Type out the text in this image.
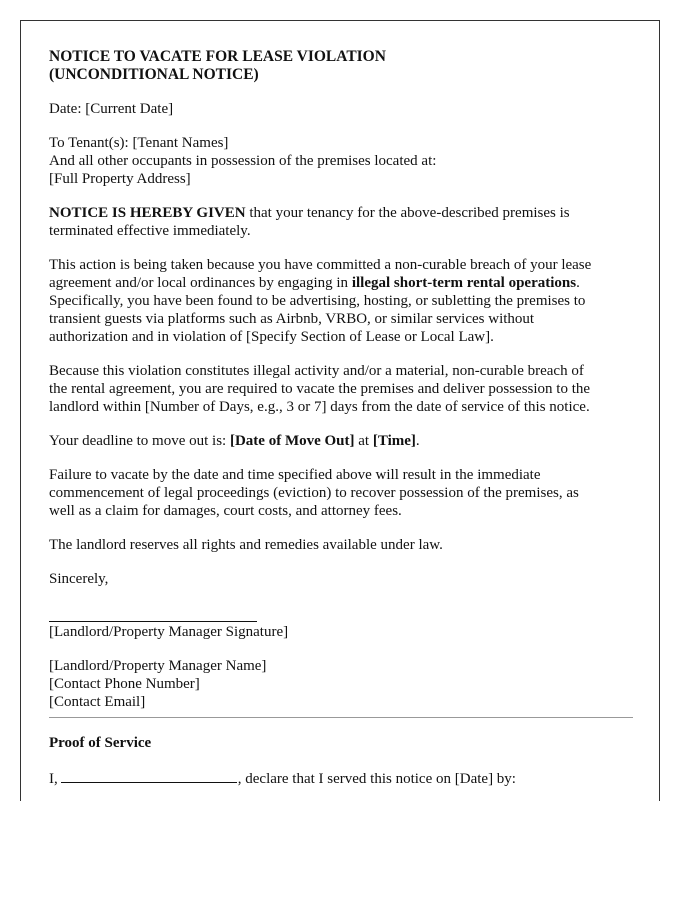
NOTICE TO VACATE FOR LEASE VIOLATION
(UNCONDITIONAL NOTICE)
Date: [Current Date]
To Tenant(s): [Tenant Names]
And all other occupants in possession of the premises located at:
[Full Property Address]
NOTICE IS HEREBY GIVEN that your tenancy for the above-described premises is
terminated effective immediately.
This action is being taken because you have committed a non-curable breach of your lease
agreement and/or local ordinances by engaging in illegal short-term rental operations.
Specifically, you have been found to be advertising, hosting, or subletting the premises to
transient guests via platforms such as Airbnb, VRBO, or similar services without
authorization and in violation of [Specify Section of Lease or Local Law].
Because this violation constitutes illegal activity and/or a material, non-curable breach of
the rental agreement, you are required to vacate the premises and deliver possession to the
landlord within [Number of Days, e.g., 3 or 7] days from the date of service of this notice.
Your deadline to move out is: [Date of Move Out] at [Time].
Failure to vacate by the date and time specified above will result in the immediate
commencement of legal proceedings (eviction) to recover possession of the premises, as
well as a claim for damages, court costs, and attorney fees.
The landlord reserves all rights and remedies available under law.
Sincerely,
[Landlord/Property Manager Signature]
[Landlord/Property Manager Name]
[Contact Phone Number]
[Contact Email]
Proof of Service
I,	, declare that I served this notice on [Date] by:
